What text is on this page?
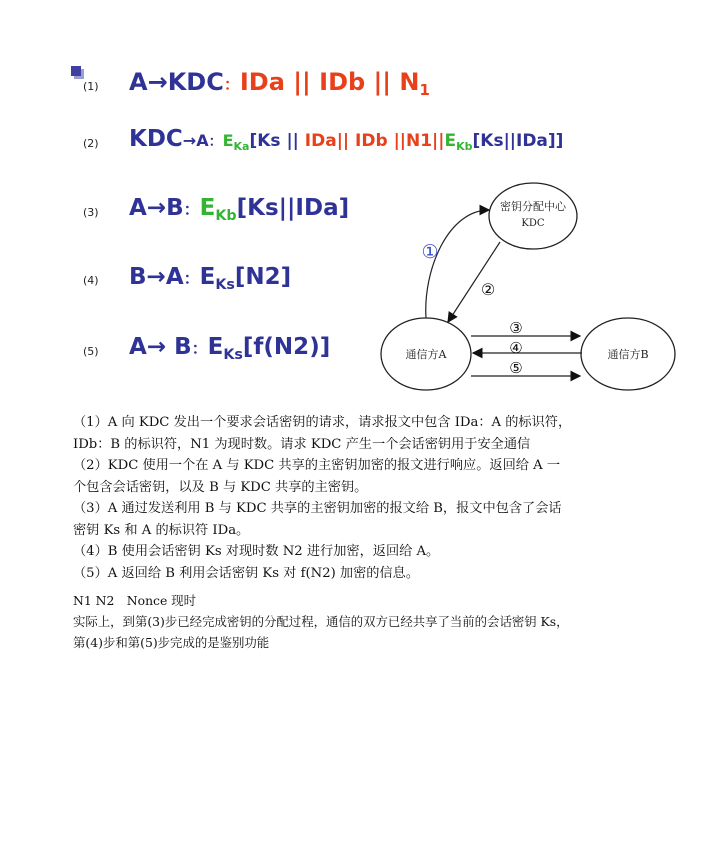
(1) A→KDC：IDa || IDb || $N_1$
(2) KDC→A：$E_{Ka}[Ks$ || IDa|| IDb $||N1||E_{Kb}[Ks||IDa]$]
(3) A→B：$E_{Kb}[Ks||IDa]$
(4) B→A：$E_{Ks}[N2]$
(5) A→ B：$E_{Ks}[f(N2)]$
密钥分配中心
KDC
通信方A	通信方B
①
②
③
④
⑤

（1）A 向 KDC 发出一个要求会话密钥的请求，请求报文中包含 IDa：A 的标识符，

IDb：B 的标识符，N1 为现时数。请求 KDC 产生一个会话密钥用于安全通信

（2）KDC 使用一个在 A 与 KDC 共享的主密钥加密的报文进行响应。返回给 A 一

个包含会话密钥，以及 B 与 KDC 共享的主密钥。

（3）A 通过发送利用 B 与 KDC 共享的主密钥加密的报文给 B，报文中包含了会话

密钥 Ks 和 A 的标识符 IDa。

（4）B 使用会话密钥 Ks 对现时数 N2 进行加密，返回给 A。

（5）A 返回给 B 利用会话密钥 Ks 对 f(N2) 加密的信息。

N1 N2　Nonce 现时

实际上，到第(3)步已经完成密钥的分配过程，通信的双方已经共享了当前的会话密钥 Ks，

第(4)步和第(5)步完成的是鉴别功能
